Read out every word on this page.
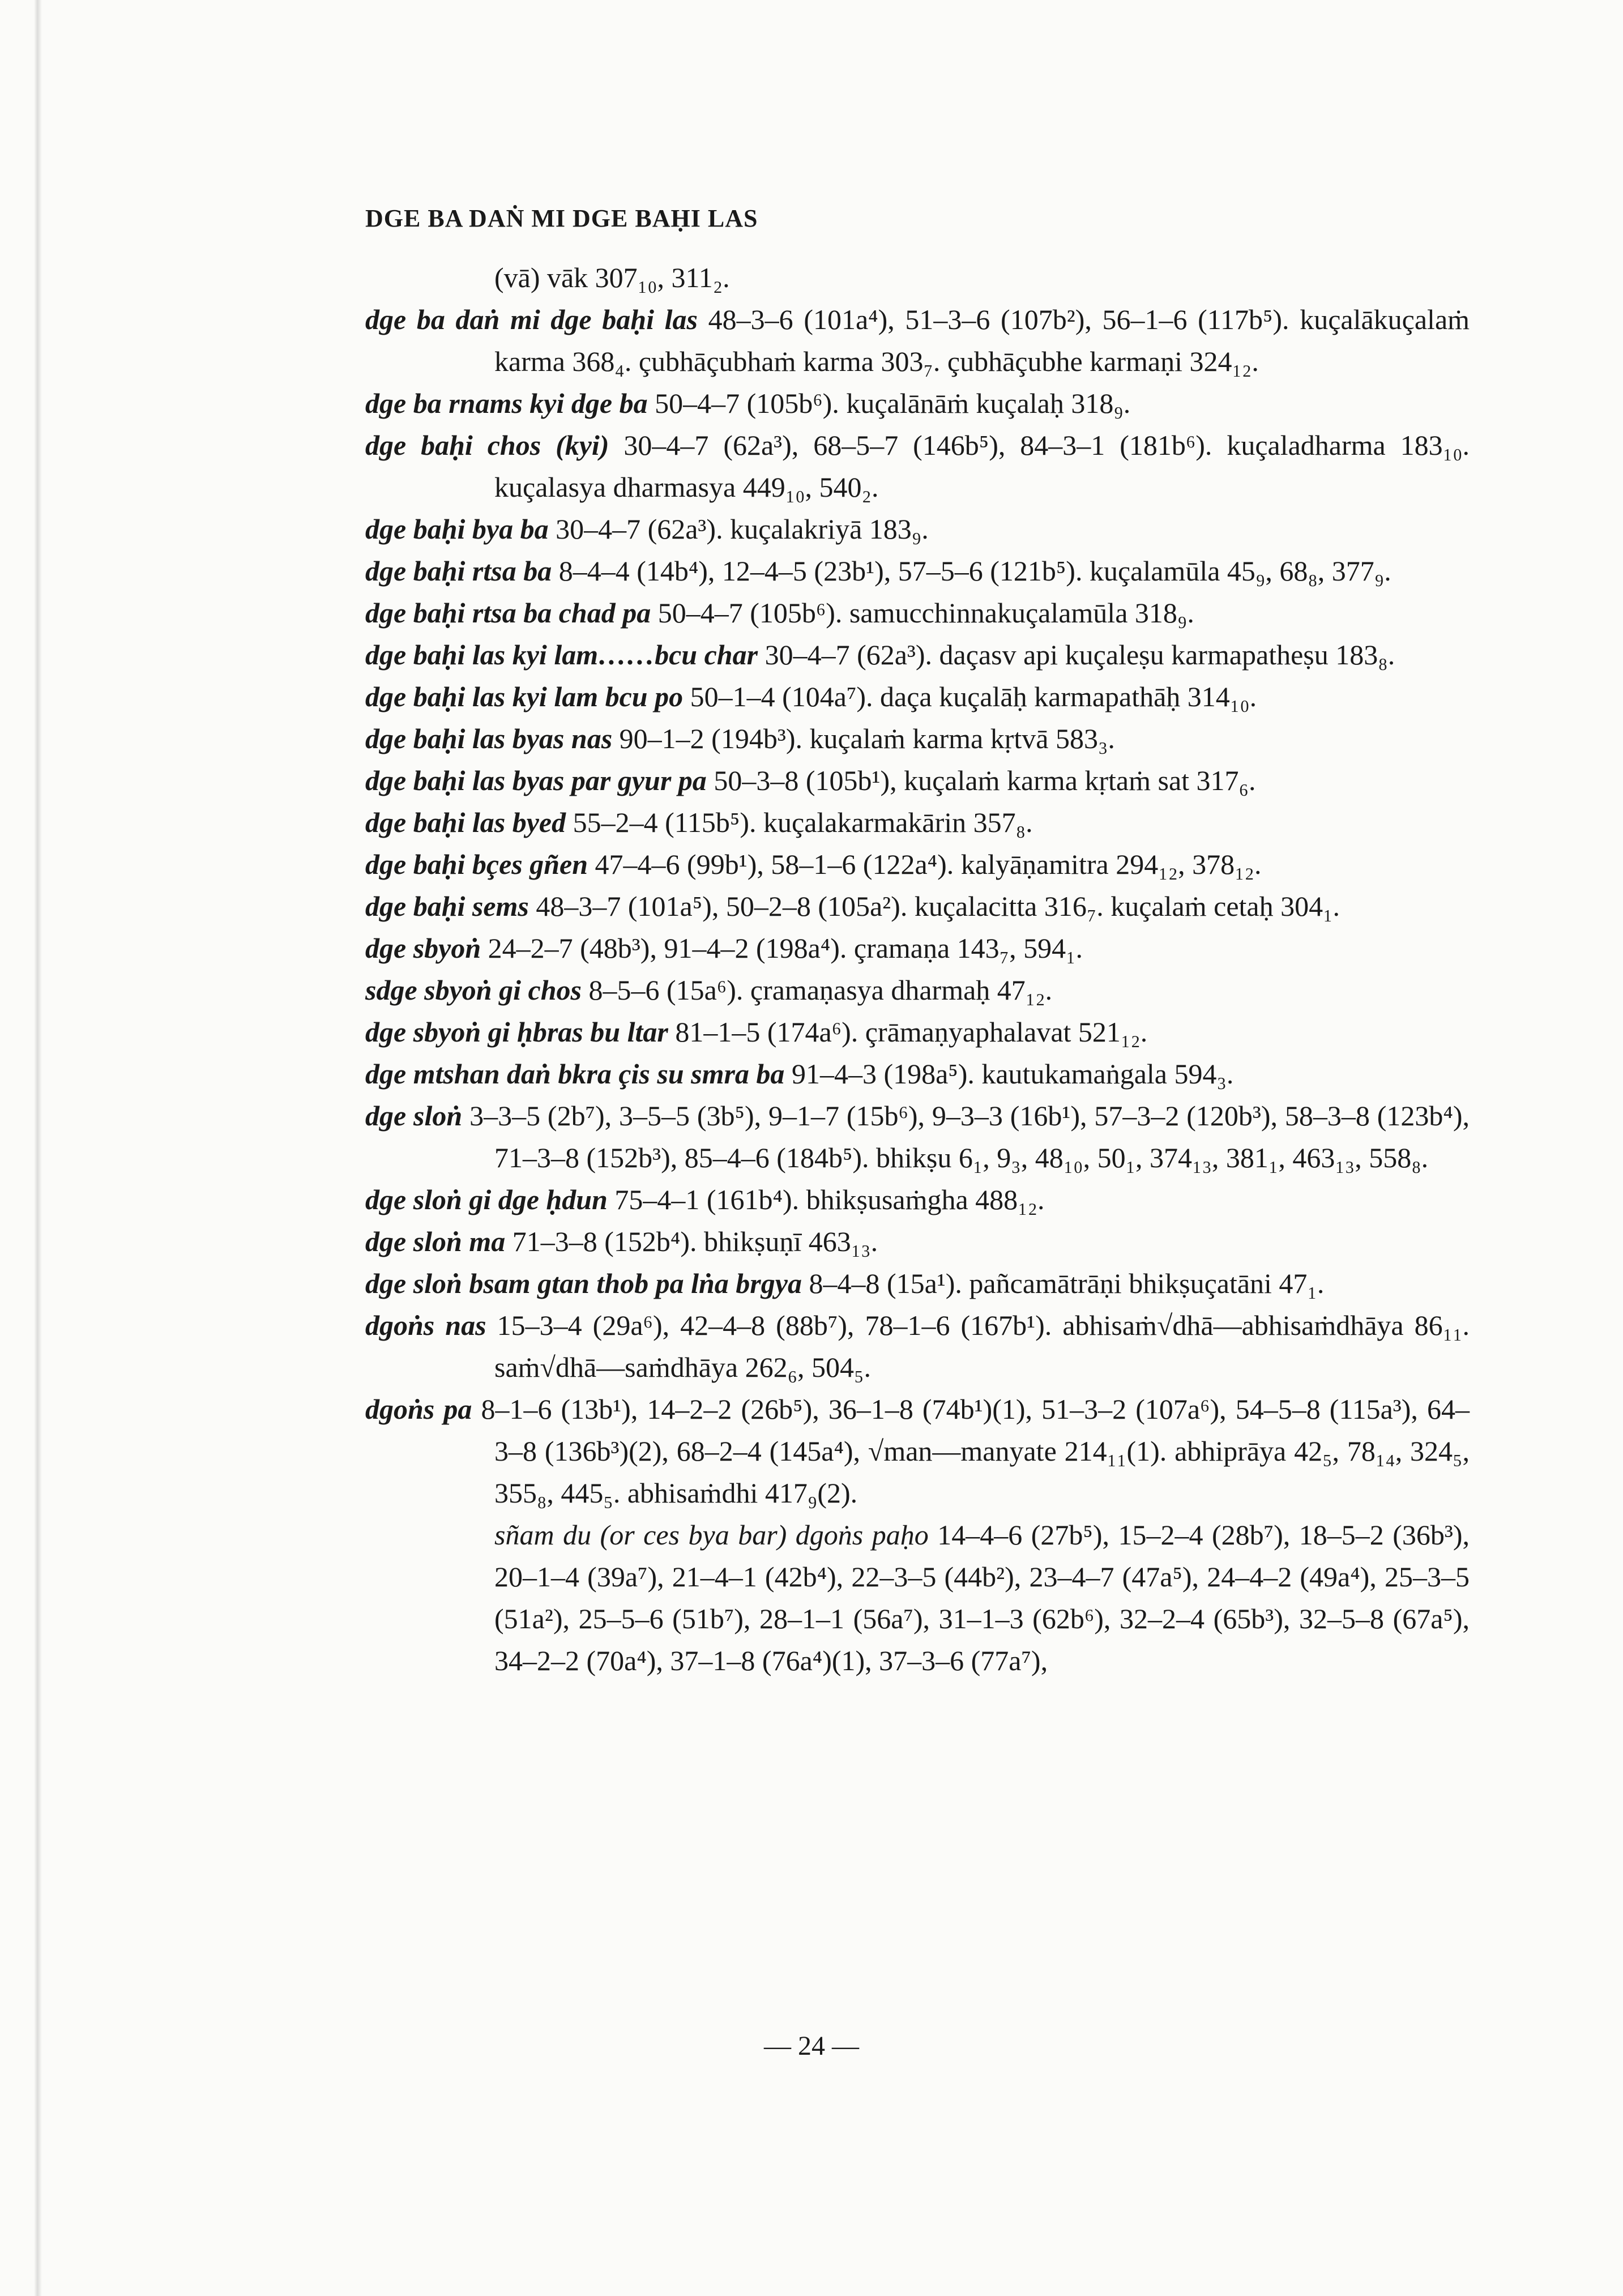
DGE BA DAṄ MI DGE BAḤI LAS

(vā) vāk 307₁₀, 311₂.

dge ba daṅ mi dge baḥi las 48–3–6 (101a⁴), 51–3–6 (107b²), 56–1–6 (117b⁵). kuçalākuçalaṁ karma 368₄. çubhāçubhaṁ karma 303₇. çubhāçubhe karmaṇi 324₁₂.

dge ba rnams kyi dge ba 50–4–7 (105b⁶). kuçalānāṁ kuçalaḥ 318₉.

dge baḥi chos (kyi) 30–4–7 (62a³), 68–5–7 (146b⁵), 84–3–1 (181b⁶). kuçaladharma 183₁₀. kuçalasya dharmasya 449₁₀, 540₂.

dge baḥi bya ba 30–4–7 (62a³). kuçalakriyā 183₉.

dge baḥi rtsa ba 8–4–4 (14b⁴), 12–4–5 (23b¹), 57–5–6 (121b⁵). kuçalamūla 45₉, 68₈, 377₉.

dge baḥi rtsa ba chad pa 50–4–7 (105b⁶). samucchinnakuçalamūla 318₉.

dge baḥi las kyi lam……bcu char 30–4–7 (62a³). daçasv api kuçaleṣu karmapatheṣu 183₈.

dge baḥi las kyi lam bcu po 50–1–4 (104a⁷). daça kuçalāḥ karmapathāḥ 314₁₀.

dge baḥi las byas nas 90–1–2 (194b³). kuçalaṁ karma kṛtvā 583₃.

dge baḥi las byas par gyur pa 50–3–8 (105b¹), kuçalaṁ karma kṛtaṁ sat 317₆.

dge baḥi las byed 55–2–4 (115b⁵). kuçalakarmakārin 357₈.

dge baḥi bçes gñen 47–4–6 (99b¹), 58–1–6 (122a⁴). kalyāṇamitra 294₁₂, 378₁₂.

dge baḥi sems 48–3–7 (101a⁵), 50–2–8 (105a²). kuçalacitta 316₇. kuçalaṁ cetaḥ 304₁.

dge sbyoṅ 24–2–7 (48b³), 91–4–2 (198a⁴). çramaṇa 143₇, 594₁.

sdge sbyoṅ gi chos 8–5–6 (15a⁶). çramaṇasya dharmaḥ 47₁₂.

dge sbyoṅ gi ḥbras bu ltar 81–1–5 (174a⁶). çrāmaṇyaphalavat 521₁₂.

dge mtshan daṅ bkra çis su smra ba 91–4–3 (198a⁵). kautukamaṅgala 594₃.

dge sloṅ 3–3–5 (2b⁷), 3–5–5 (3b⁵), 9–1–7 (15b⁶), 9–3–3 (16b¹), 57–3–2 (120b³), 58–3–8 (123b⁴), 71–3–8 (152b³), 85–4–6 (184b⁵). bhikṣu 6₁, 9₃, 48₁₀, 50₁, 374₁₃, 381₁, 463₁₃, 558₈.

dge sloṅ gi dge ḥdun 75–4–1 (161b⁴). bhikṣusaṁgha 488₁₂.

dge sloṅ ma 71–3–8 (152b⁴). bhikṣuṇī 463₁₃.

dge sloṅ bsam gtan thob pa lṅa brgya 8–4–8 (15a¹). pañcamātrāṇi bhikṣuçatāni 47₁.

dgoṅs nas 15–3–4 (29a⁶), 42–4–8 (88b⁷), 78–1–6 (167b¹). abhisaṁ√dhā—abhisaṁdhāya 86₁₁. saṁ√dhā—saṁdhāya 262₆, 504₅.

dgoṅs pa 8–1–6 (13b¹), 14–2–2 (26b⁵), 36–1–8 (74b¹)(1), 51–3–2 (107a⁶), 54–5–8 (115a³), 64–3–8 (136b³)(2), 68–2–4 (145a⁴), √man—manyate 214₁₁(1). abhiprāya 42₅, 78₁₄, 324₅, 355₈, 445₅. abhisaṁdhi 417₉(2).

sñam du (or ces bya bar) dgoṅs paḥo 14–4–6 (27b⁵), 15–2–4 (28b⁷), 18–5–2 (36b³), 20–1–4 (39a⁷), 21–4–1 (42b⁴), 22–3–5 (44b²), 23–4–7 (47a⁵), 24–4–2 (49a⁴), 25–3–5 (51a²), 25–5–6 (51b⁷), 28–1–1 (56a⁷), 31–1–3 (62b⁶), 32–2–4 (65b³), 32–5–8 (67a⁵), 34–2–2 (70a⁴), 37–1–8 (76a⁴)(1), 37–3–6 (77a⁷),

— 24 —
